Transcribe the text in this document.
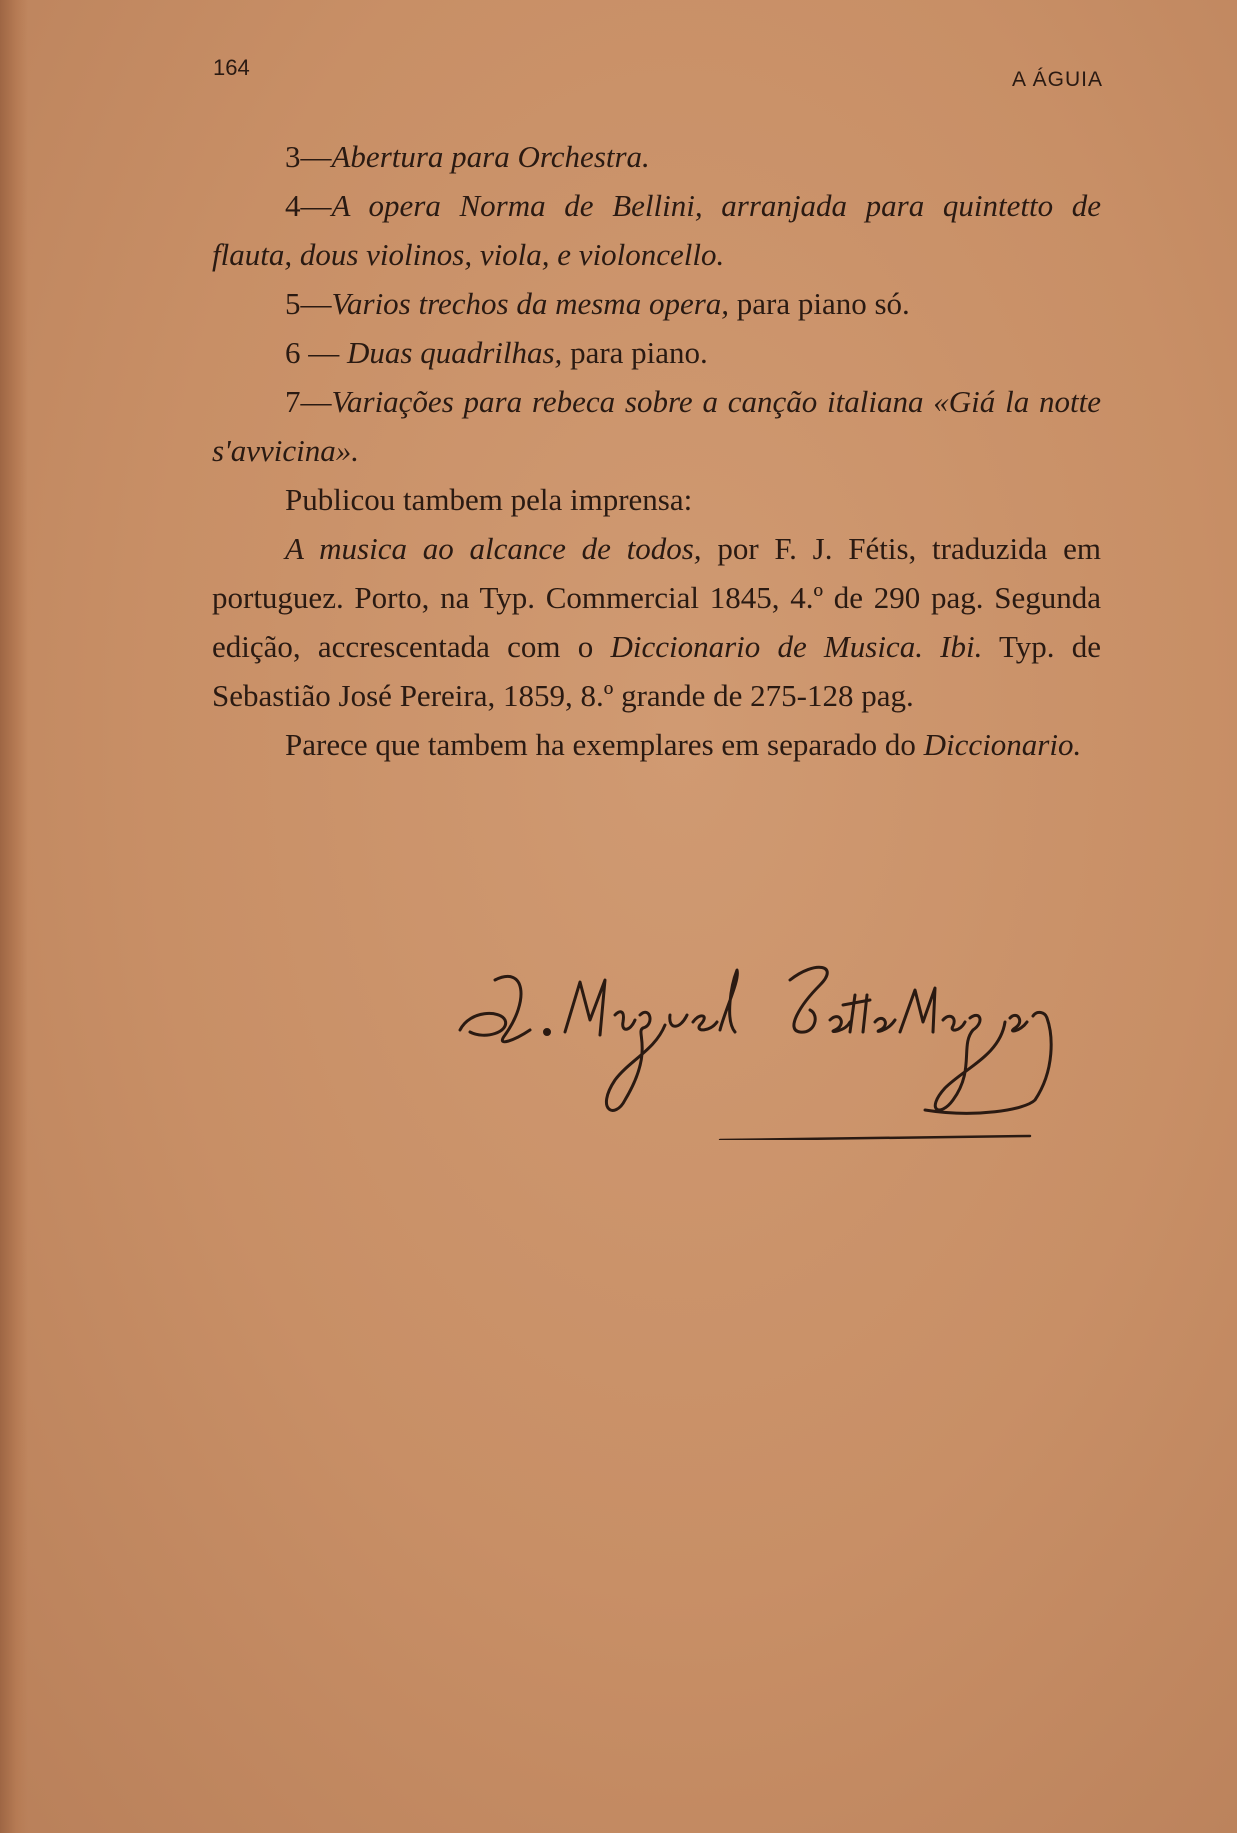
164	A ÁGUIA

3—Abertura para Orchestra.

4—A opera Norma de Bellini, arranjada para quintetto de flauta, dous violinos, viola, e violoncello.

5—Varios trechos da mesma opera, para piano só.

6 — Duas quadrilhas, para piano.

7—Variações para rebeca sobre a canção italiana «Giá la notte s'avvicina».

Publicou tambem pela imprensa:

A musica ao alcance de todos, por F. J. Fétis, traduzida em portuguez. Porto, na Typ. Commercial 1845, 4.º de 290 pag. Segunda edição, accrescentada com o Diccionario de Musica. Ibi. Typ. de Sebastião José Pereira, 1859, 8.º grande de 275-128 pag.

Parece que tambem ha exemplares em separado do Diccionario.
